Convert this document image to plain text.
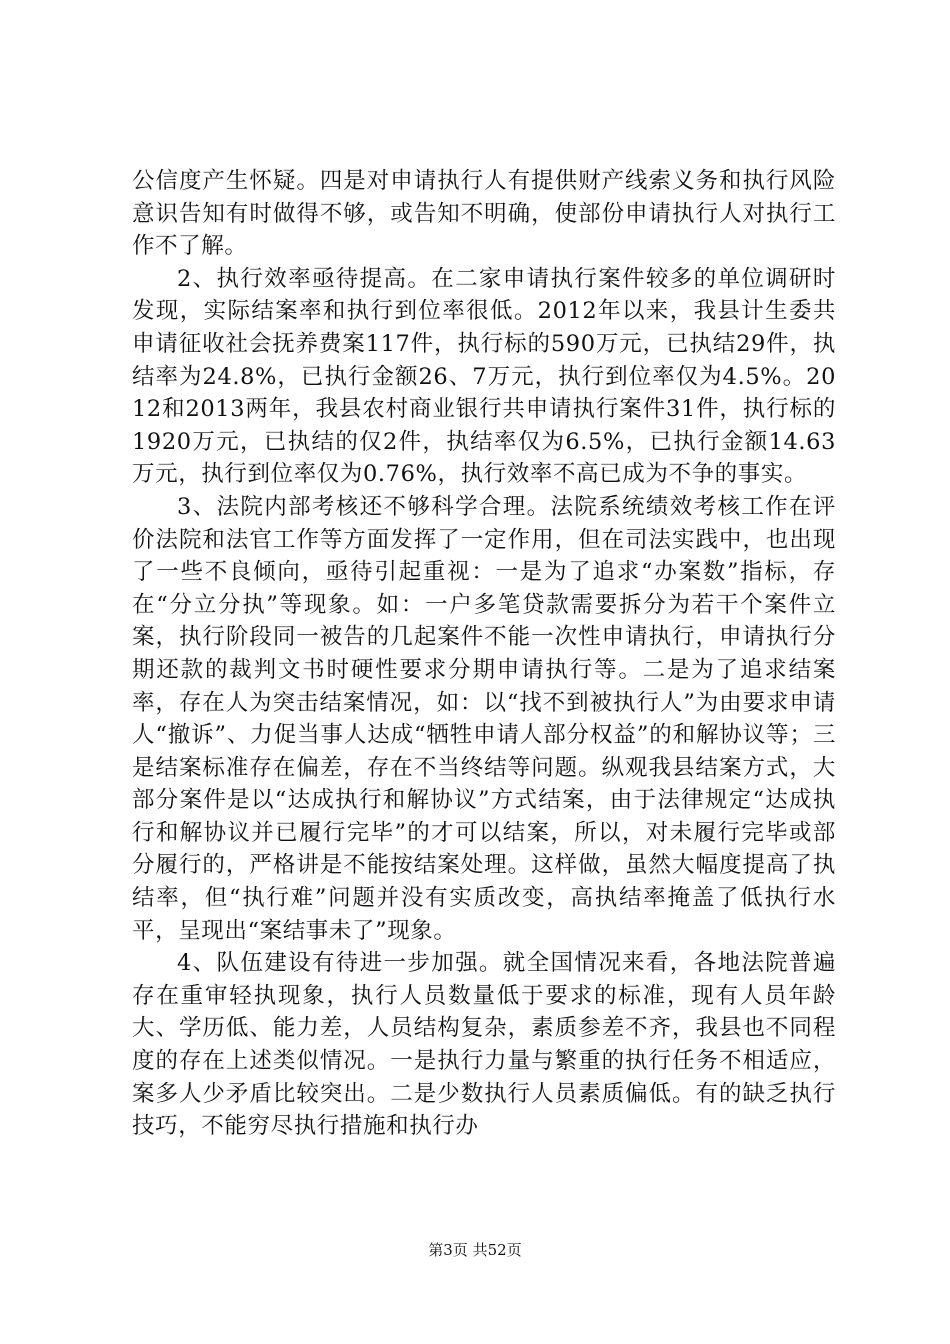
公信度产生怀疑。四是对申请执行人有提供财产线索义务和执行风险意识告知有时做得不够，或告知不明确，使部份申请执行人对执行工作不了解。

2、执行效率亟待提高。在二家申请执行案件较多的单位调研时发现，实际结案率和执行到位率很低。2012年以来，我县计生委共申请征收社会抚养费案117件，执行标的590万元，已执结29件，执结率为24.8%，已执行金额26、7万元，执行到位率仅为4.5%。2012和2013两年，我县农村商业银行共申请执行案件31件，执行标的1920万元，已执结的仅2件，执结率仅为6.5%，已执行金额14.63万元，执行到位率仅为0.76%，执行效率不高已成为不争的事实。

3、法院内部考核还不够科学合理。法院系统绩效考核工作在评价法院和法官工作等方面发挥了一定作用，但在司法实践中，也出现了一些不良倾向，亟待引起重视：一是为了追求“办案数”指标，存在“分立分执”等现象。如：一户多笔贷款需要拆分为若干个案件立案，执行阶段同一被告的几起案件不能一次性申请执行，申请执行分期还款的裁判文书时硬性要求分期申请执行等。二是为了追求结案率，存在人为突击结案情况，如：以“找不到被执行人”为由要求申请人“撤诉”、力促当事人达成“牺牲申请人部分权益”的和解协议等；三是结案标准存在偏差，存在不当终结等问题。纵观我县结案方式，大部分案件是以“达成执行和解协议”方式结案，由于法律规定“达成执行和解协议并已履行完毕”的才可以结案，所以，对未履行完毕或部分履行的，严格讲是不能按结案处理。这样做，虽然大幅度提高了执结率，但“执行难”问题并没有实质改变，高执结率掩盖了低执行水平，呈现出“案结事未了”现象。

4、队伍建设有待进一步加强。就全国情况来看，各地法院普遍存在重审轻执现象，执行人员数量低于要求的标准，现有人员年龄大、学历低、能力差，人员结构复杂，素质参差不齐，我县也不同程度的存在上述类似情况。一是执行力量与繁重的执行任务不相适应，案多人少矛盾比较突出。二是少数执行人员素质偏低。有的缺乏执行技巧，不能穷尽执行措施和执行办

第3页 共52页
